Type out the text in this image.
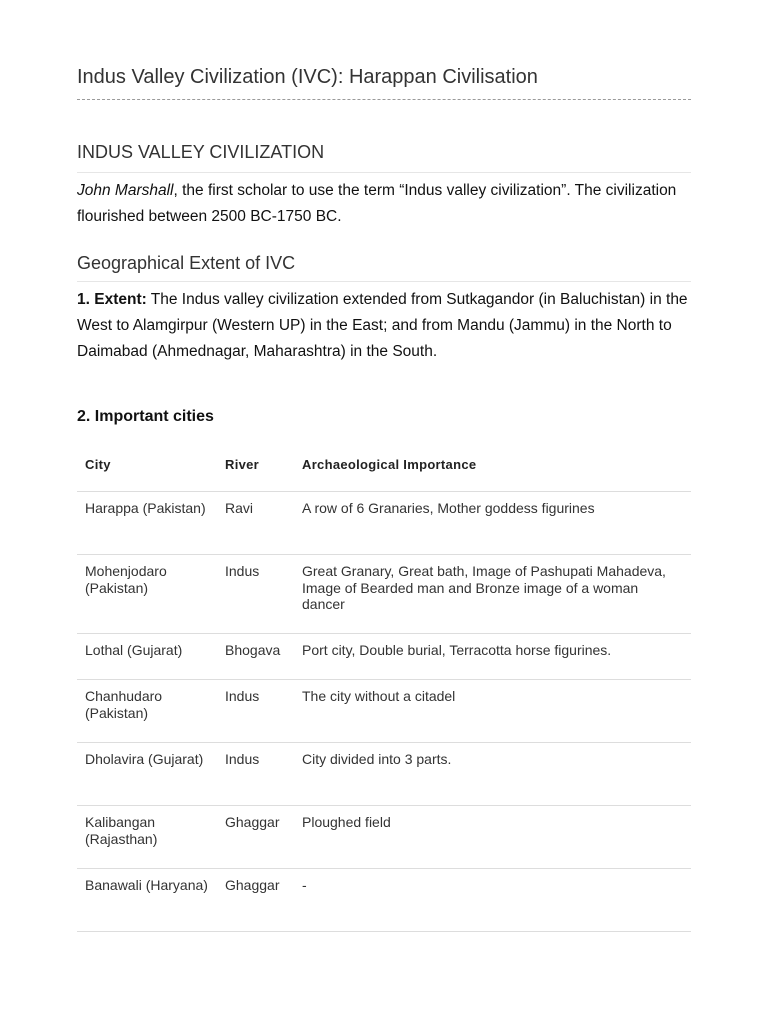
Indus Valley Civilization (IVC): Harappan Civilisation
INDUS VALLEY CIVILIZATION
John Marshall, the first scholar to use the term “Indus valley civilization”. The civilization flourished between 2500 BC-1750 BC.
Geographical Extent of IVC
1. Extent: The Indus valley civilization extended from Sutkagandor (in Baluchistan) in the West to Alamgirpur (Western UP) in the East; and from Mandu (Jammu) in the North to Daimabad (Ahmednagar, Maharashtra) in the South.
2. Important cities
City	River	Archaeological Importance
Harappa (Pakistan)	Ravi	A row of 6 Granaries, Mother goddess figurines
Mohenjodaro (Pakistan)	Indus	Great Granary, Great bath, Image of Pashupati Mahadeva, Image of Bearded man and Bronze image of a woman dancer
Lothal (Gujarat)	Bhogava	Port city, Double burial, Terracotta horse figurines.
Chanhudaro (Pakistan)	Indus	The city without a citadel
Dholavira (Gujarat)	Indus	City divided into 3 parts.
Kalibangan (Rajasthan)	Ghaggar	Ploughed field
Banawali (Haryana)	Ghaggar	-
